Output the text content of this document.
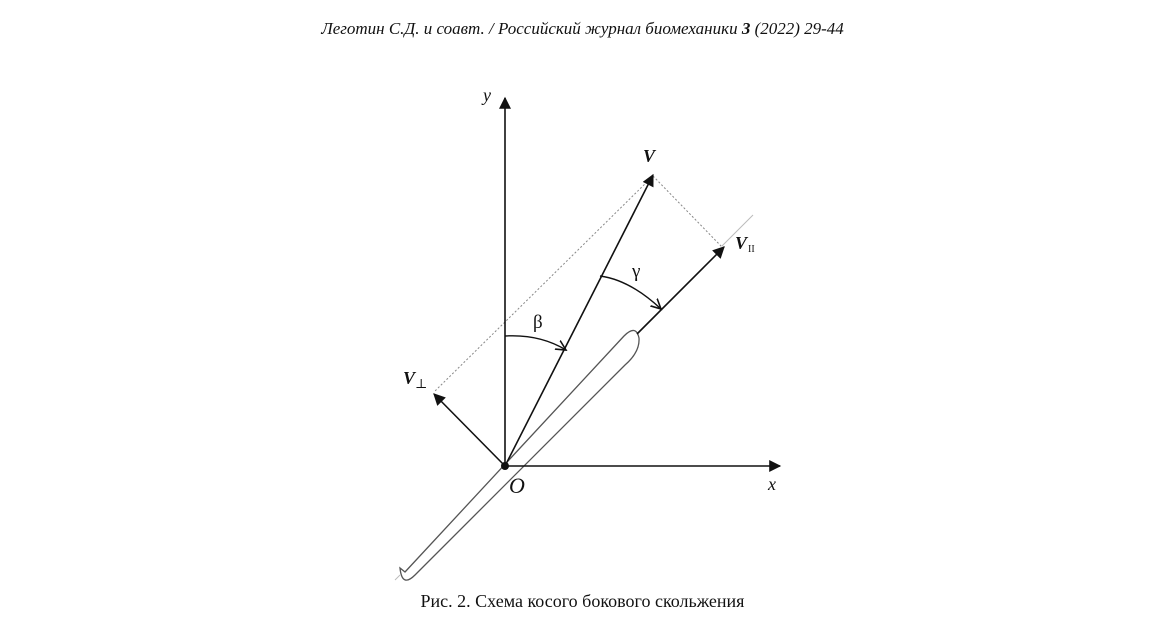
Леготин С.Д. и соавт. / Российский журнал биомеханики 3 (2022) 29-44
y
x
O
V
$V_\perp$
VII
β
γ
Рис. 2. Схема косого бокового скольжения
